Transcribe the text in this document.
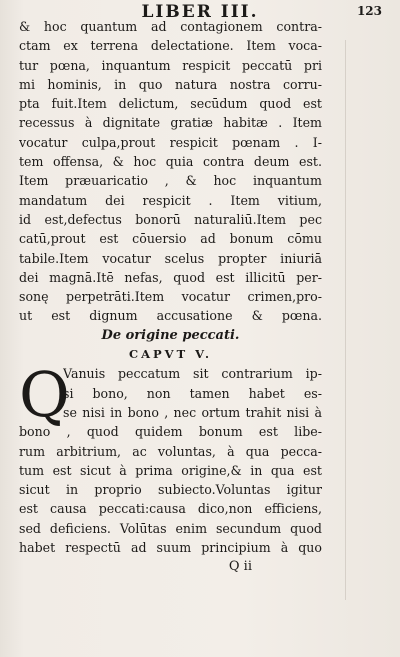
LIBER III.	123
& hoc quantum ad contagionem contra-
ctam ex terrena delectatione. Item voca-
tur pœna, inquantum respicit peccatū pri
mi hominis, in quo natura nostra corru-
pta fuit.Item delictum, secūdum quod est
recessus à dignitate gratiæ habitæ . Item
vocatur culpa,prout respicit pœnam . I-
tem offensa, & hoc quia contra deum est.
Item præuaricatio , & hoc inquantum
mandatum dei respicit . Item vitium,
id est,defectus bonorū naturaliū.Item pec
catū,prout est cōuersio ad bonum cōmu
tabile.Item vocatur scelus propter iniuriā
dei magnā.Itē nefas, quod est illicitū per-
sonę perpetrāti.Item vocatur crimen,pro-
ut est dignum accusatione & pœna.
De origine peccati.
CAPVT V.
Q
Vanuis peccatum sit contrarium ip-
si bono, non tamen habet es-
se nisi in bono , nec ortum trahit nisi à
bono , quod quidem bonum est libe-
rum arbitrium, ac voluntas, à qua pecca-
tum est sicut à prima origine,& in qua est
sicut in proprio subiecto.Voluntas igitur
est causa peccati:causa dico,non efficiens,
sed deficiens. Volūtas enim secundum quod
habet respectū ad suum principium à quo
Q ii
